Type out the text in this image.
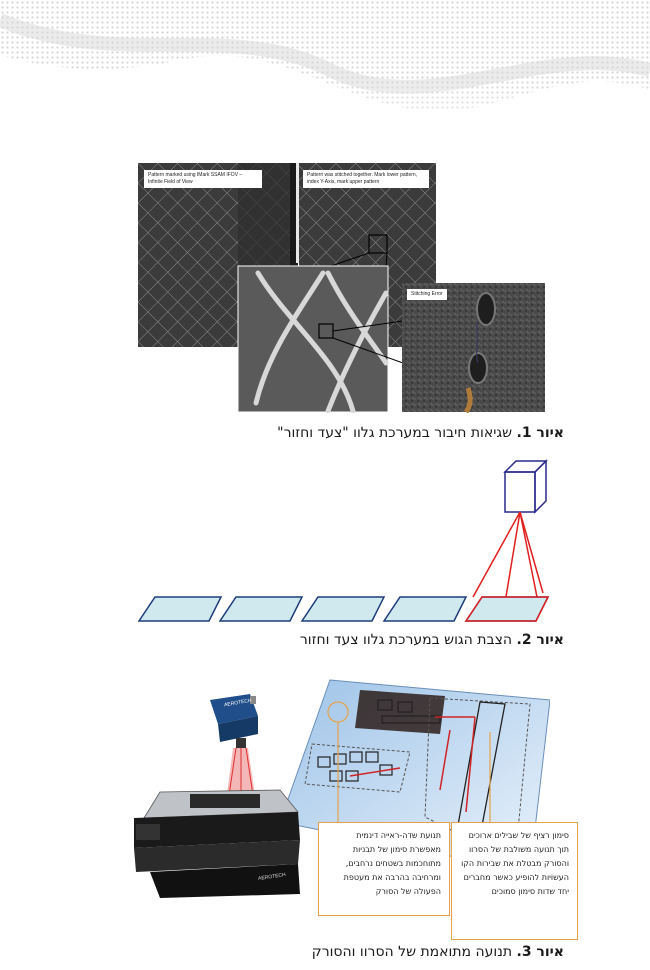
Pattern marked using IMark SSAM IFOV – Infinite Field of View
Pattern was stitched together. Mark lower pattern, index Y-Axis, mark upper pattern
Stitching Error
איור 1. שגיאות חיבור במערכת גלוו "צעד וחזור"
איור 2. הצבת הגוש במערכת גלוו צעד וחזור
AEROTECH
AEROTECH
תנועת שדה-ראייה דינמית מאפשרת סימון של תבניות מתוחכמות בשטחים נרחבים, ומרחיבה בהרבה את מעטפת הפעולה של הסורק
סימון רציף של שבילים ארוכים תוך תנועה משולבת של הסרוו והסורק מבטלת את שבירות הקו העשויות להופיע כאשר מחברים יחד שדות סימון סמוכים
איור 3. תנועה מתואמת של הסרוו והסורק
